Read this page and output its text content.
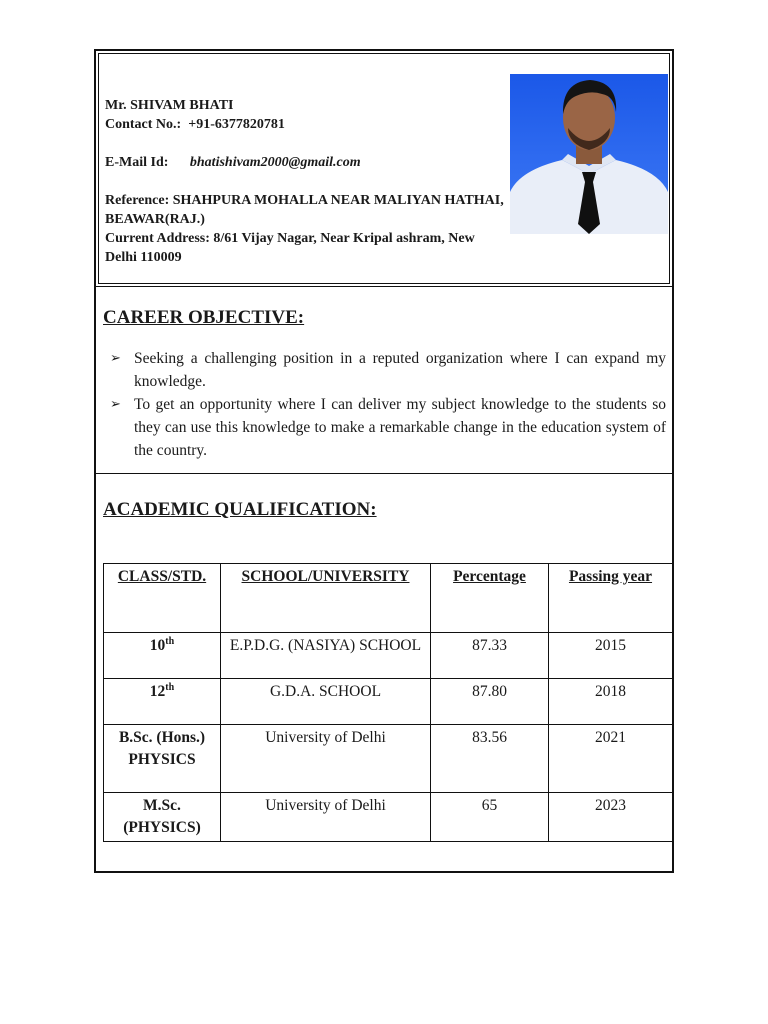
Mr. SHIVAM BHATI
Contact No.: +91-6377820781
E-Mail Id: bhatishivam2000@gmail.com
Reference: SHAHPURA MOHALLA NEAR MALIYAN HATHAI, BEAWAR(RAJ.)
Current Address: 8/61 Vijay Nagar, Near Kripal ashram, New Delhi 110009
CAREER OBJECTIVE:
➢ Seeking a challenging position in a reputed organization where I can expand my knowledge.
➢ To get an opportunity where I can deliver my subject knowledge to the students so they can use this knowledge to make a remarkable change in the education system of the country.
ACADEMIC QUALIFICATION:
CLASS/STD.	SCHOOL/UNIVERSITY	Percentage	Passing year
10th	E.P.D.G. (NASIYA) SCHOOL	87.33	2015
12th	G.D.A. SCHOOL	87.80	2018
B.Sc. (Hons.)
PHYSICS	University of Delhi	83.56	2021
M.Sc.
(PHYSICS)	University of Delhi	65	2023
